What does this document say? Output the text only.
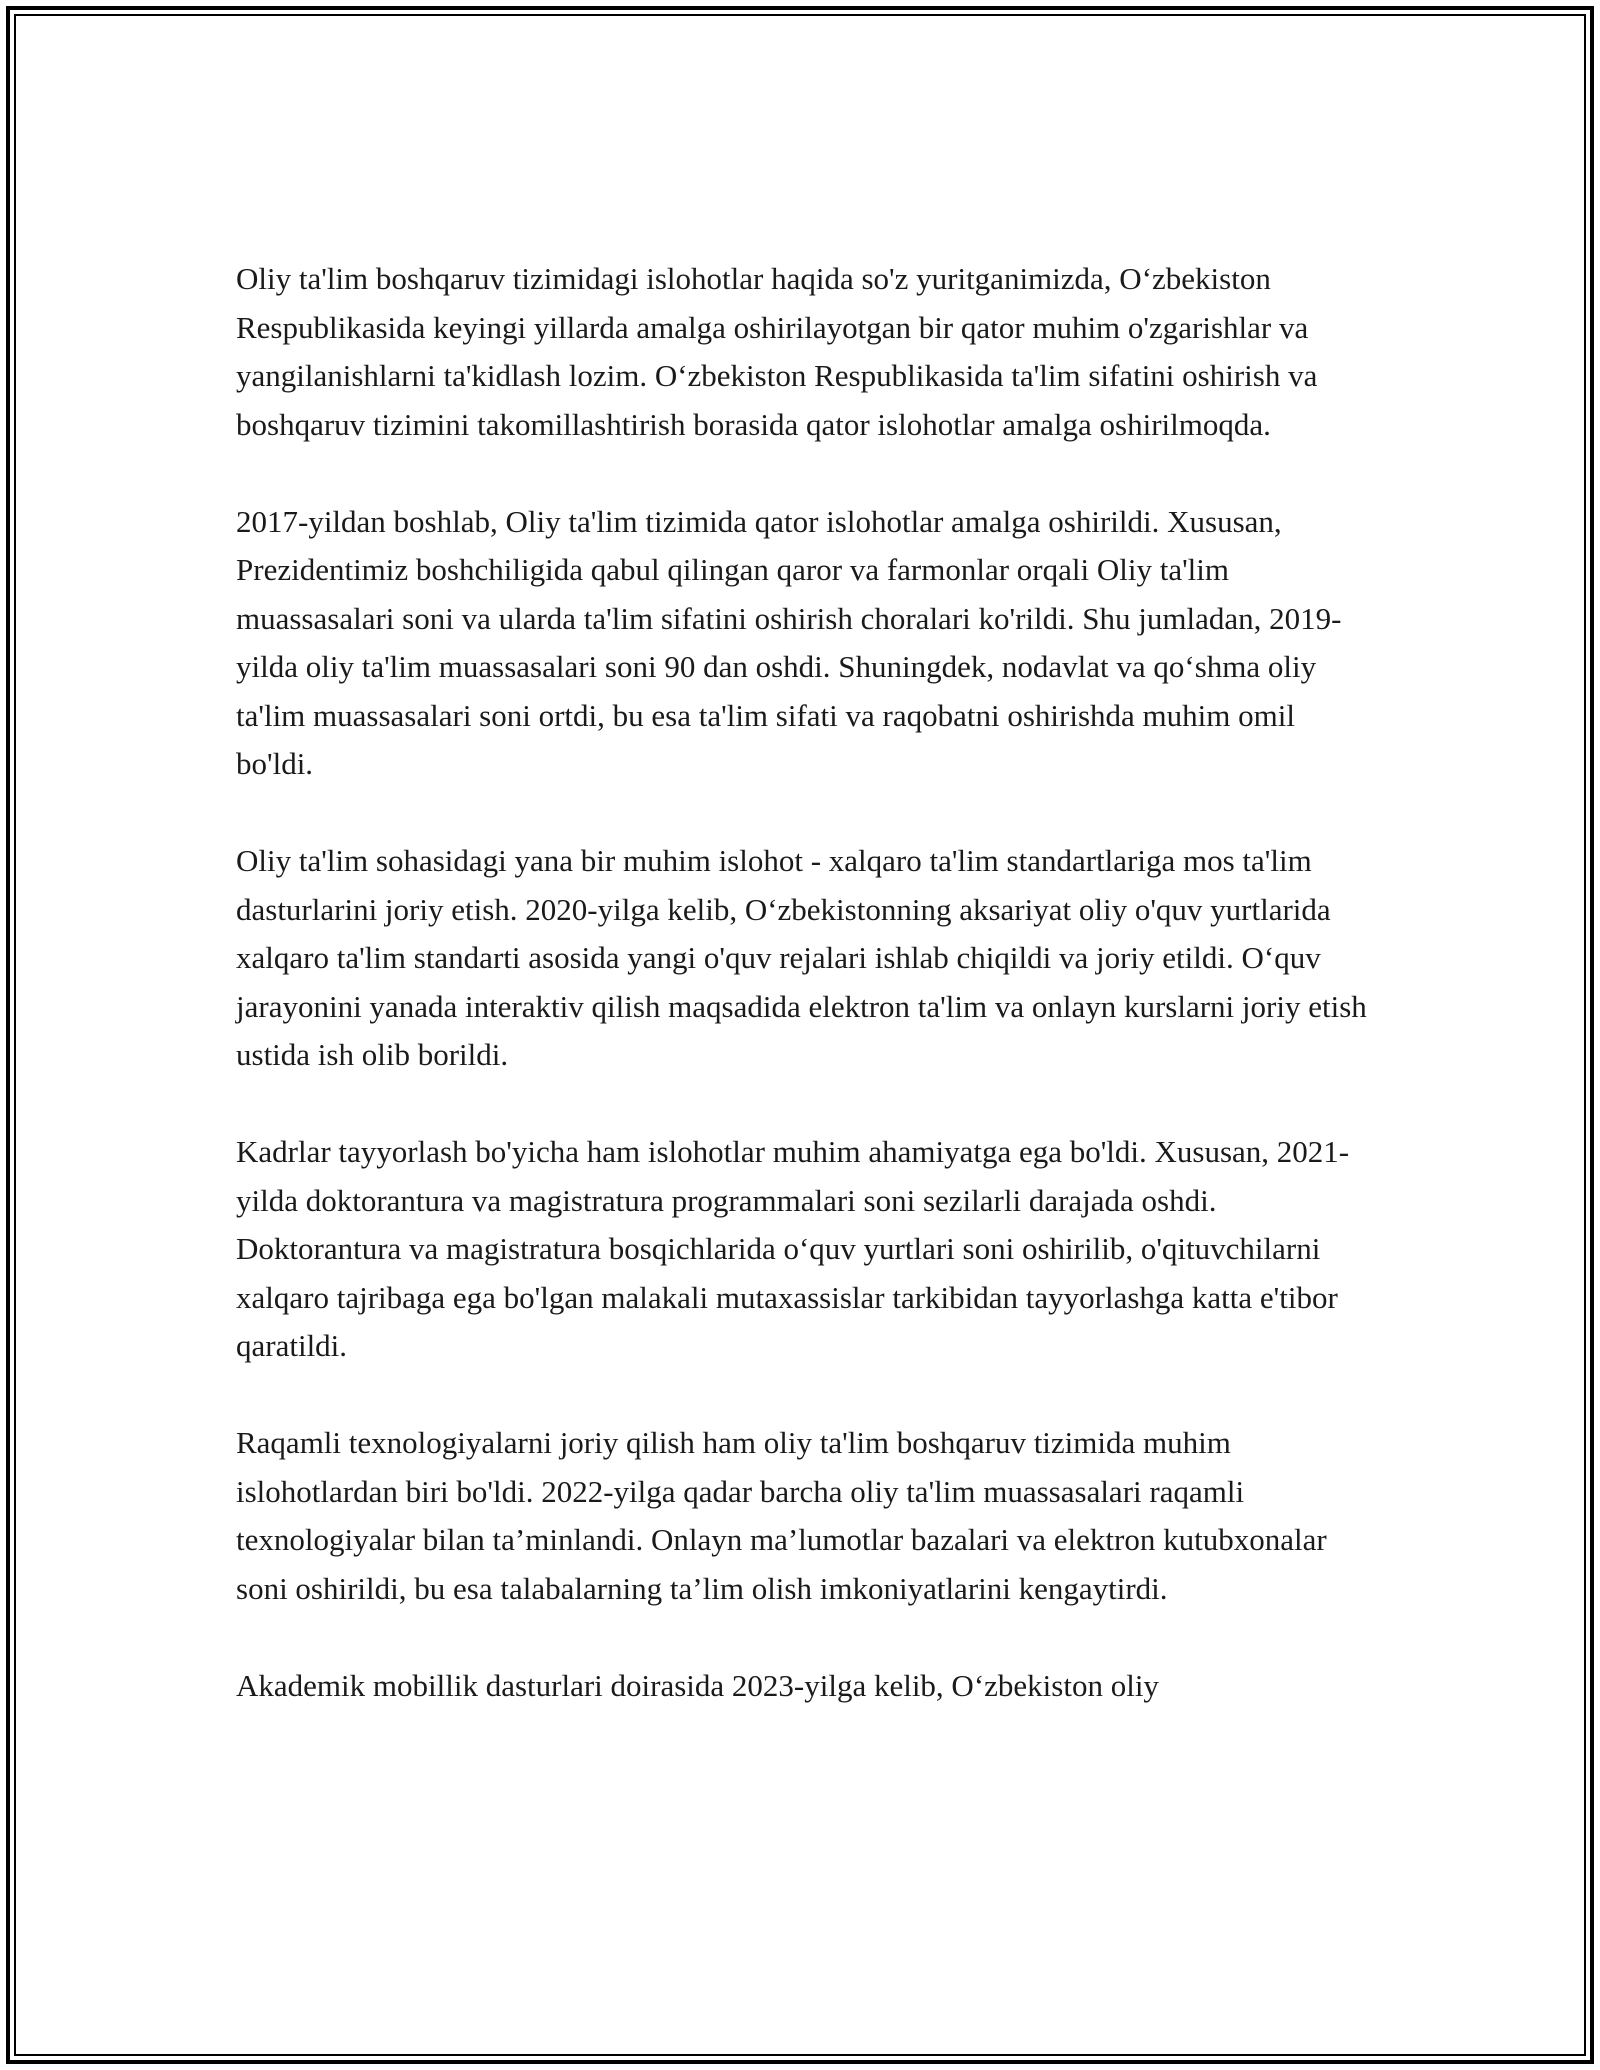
Oliy ta'lim boshqaruv tizimidagi islohotlar haqida so'z yuritganimizda, Oʻzbekiston Respublikasida keyingi yillarda amalga oshirilayotgan bir qator muhim o'zgarishlar va yangilanishlarni ta'kidlash lozim. Oʻzbekiston Respublikasida ta'lim sifatini oshirish va boshqaruv tizimini takomillashtirish borasida qator islohotlar amalga oshirilmoqda.

2017-yildan boshlab, Oliy ta'lim tizimida qator islohotlar amalga oshirildi. Xususan, Prezidentimiz boshchiligida qabul qilingan qaror va farmonlar orqali Oliy ta'lim muassasalari soni va ularda ta'lim sifatini oshirish choralari ko'rildi. Shu jumladan, 2019-yilda oliy ta'lim muassasalari soni 90 dan oshdi. Shuningdek, nodavlat va qoʻshma oliy ta'lim muassasalari soni ortdi, bu esa ta'lim sifati va raqobatni oshirishda muhim omil bo'ldi.

Oliy ta'lim sohasidagi yana bir muhim islohot - xalqaro ta'lim standartlariga mos ta'lim dasturlarini joriy etish. 2020-yilga kelib, Oʻzbekistonning aksariyat oliy o'quv yurtlarida xalqaro ta'lim standarti asosida yangi o'quv rejalari ishlab chiqildi va joriy etildi. Oʻquv jarayonini yanada interaktiv qilish maqsadida elektron ta'lim va onlayn kurslarni joriy etish ustida ish olib borildi.

Kadrlar tayyorlash bo'yicha ham islohotlar muhim ahamiyatga ega bo'ldi. Xususan, 2021-yilda doktorantura va magistratura programmalari soni sezilarli darajada oshdi. Doktorantura va magistratura bosqichlarida oʻquv yurtlari soni oshirilib, o'qituvchilarni xalqaro tajribaga ega bo'lgan malakali mutaxassislar tarkibidan tayyorlashga katta e'tibor qaratildi.

Raqamli texnologiyalarni joriy qilish ham oliy ta'lim boshqaruv tizimida muhim islohotlardan biri bo'ldi. 2022-yilga qadar barcha oliy ta'lim muassasalari raqamli texnologiyalar bilan ta’minlandi. Onlayn ma’lumotlar bazalari va elektron kutubxonalar soni oshirildi, bu esa talabalarning ta’lim olish imkoniyatlarini kengaytirdi.

Akademik mobillik dasturlari doirasida 2023-yilga kelib, Oʻzbekiston oliy
